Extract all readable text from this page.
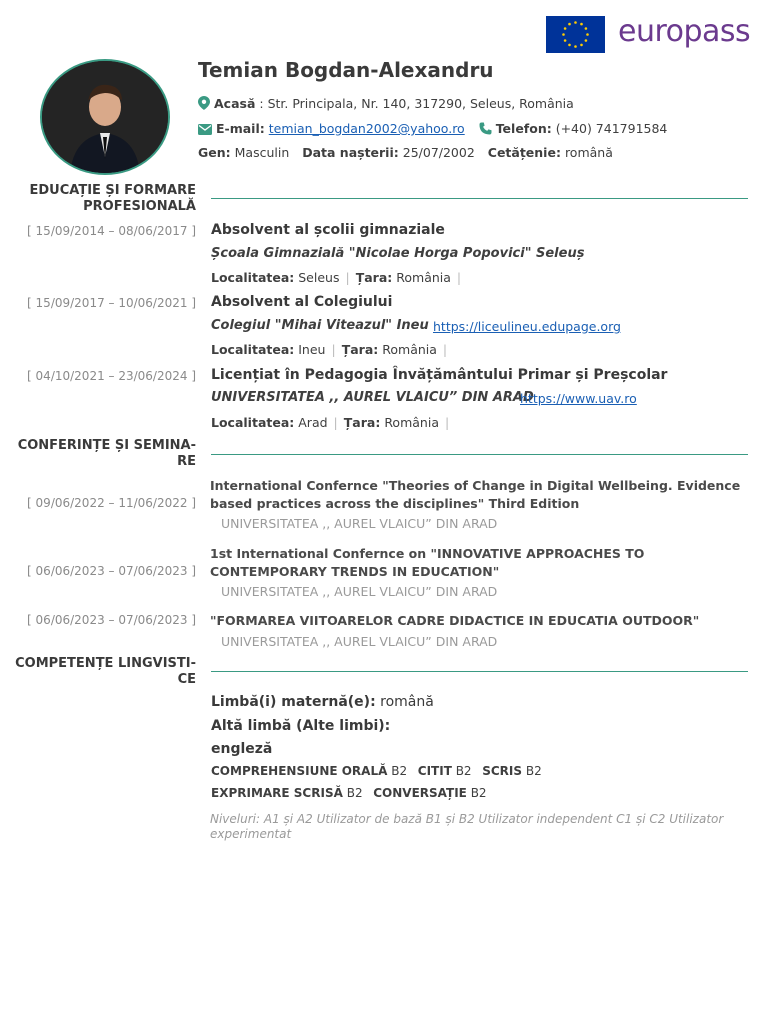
europass
Temian Bogdan-Alexandru
Acasă : Str. Principala, Nr. 140, 317290, Seleus, România
E-mail: temian_bogdan2002@yahoo.ro Telefon: (+40) 741791584
Gen: Masculin Data nașterii: 25/07/2002 Cetățenie: română
EDUCAȚIE ȘI FORMARE
PROFESIONALĂ
[ 15/09/2014 – 08/06/2017 ] Absolvent al școlii gimnaziale
Școala Gimnazială "Nicolae Horga Popovici" Seleuș
Localitatea: Seleus | Țara: România |
[ 15/09/2017 – 10/06/2021 ] Absolvent al Colegiului
Colegiul "Mihai Viteazul" Ineu https://liceulineu.edupage.org
Localitatea: Ineu | Țara: România |
[ 04/10/2021 – 23/06/2024 ] Licențiat în Pedagogia Învățământului Primar și Preșcolar
UNIVERSITATEA ,, AUREL VLAICU” DIN ARAD
https://www.uav.ro
Localitatea: Arad | Țara: România |
CONFERINȚE ȘI SEMINA-
RE
[ 09/06/2022 – 11/06/2022 ]
International Confernce "Theories of Change in Digital Wellbeing. Evidence based practices across the disciplines" Third Edition
UNIVERSITATEA ,, AUREL VLAICU” DIN ARAD
[ 06/06/2023 – 07/06/2023 ]
1st International Confernce on "INNOVATIVE APPROACHES TO CONTEMPORARY TRENDS IN EDUCATION"
UNIVERSITATEA ,, AUREL VLAICU” DIN ARAD
[ 06/06/2023 – 07/06/2023 ] "FORMAREA VIITOARELOR CADRE DIDACTICE IN EDUCATIA OUTDOOR"
UNIVERSITATEA ,, AUREL VLAICU” DIN ARAD
COMPETENȚE LINGVISTI-
CE
Limbă(i) maternă(e): română
Altă limbă (Alte limbi):
engleză
COMPREHENSIUNE ORALĂ B2 CITIT B2 SCRIS B2
EXPRIMARE SCRISĂ B2 CONVERSAȚIE B2
Niveluri: A1 și A2 Utilizator de bază B1 și B2 Utilizator independent C1 și C2 Utilizator experimentat
